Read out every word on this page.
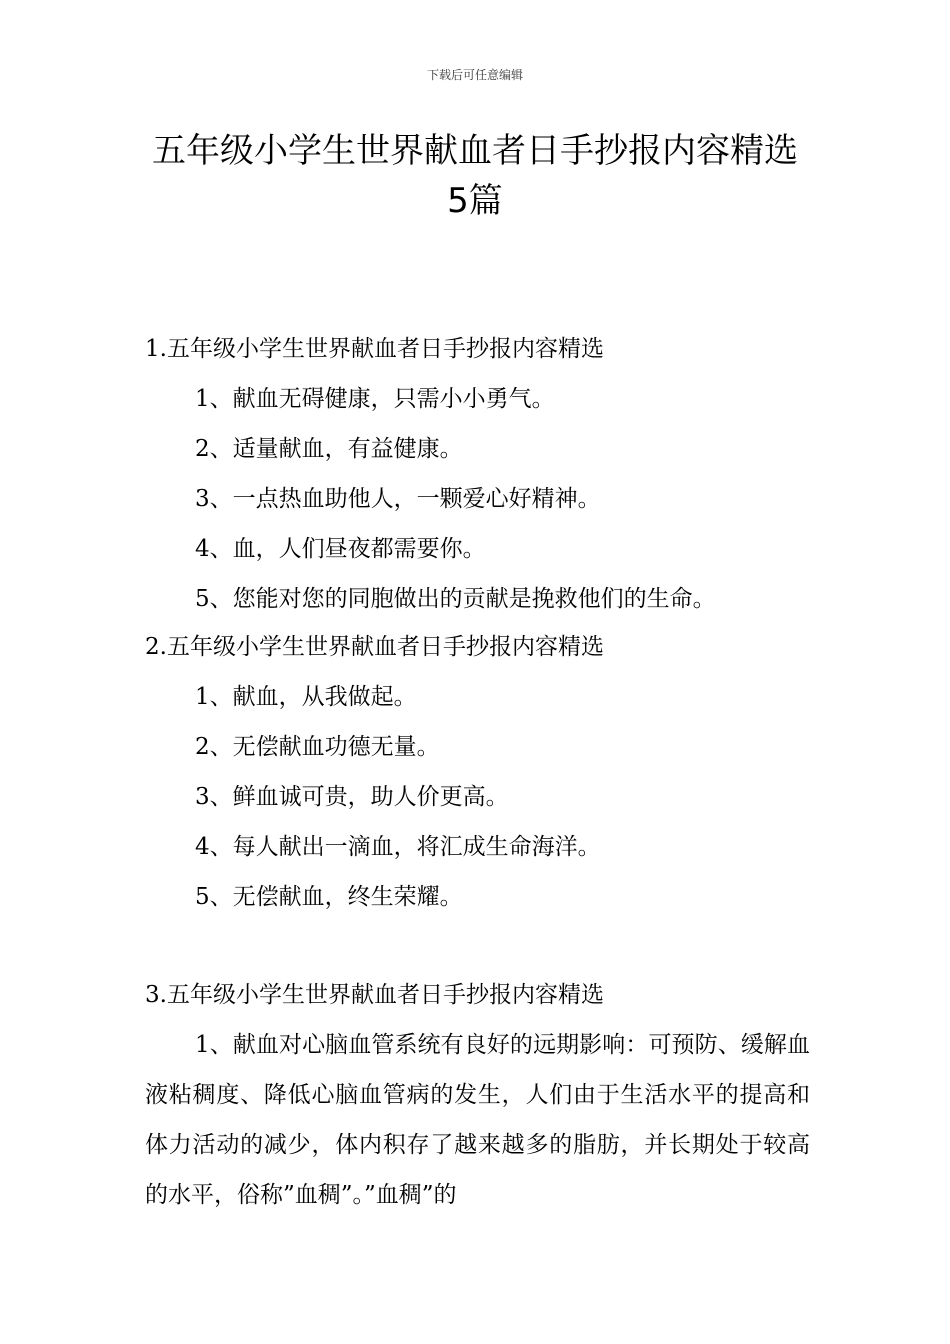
下载后可任意编辑
五年级小学生世界献血者日手抄报内容精选5篇
1.五年级小学生世界献血者日手抄报内容精选
1、献血无碍健康，只需小小勇气。
2、适量献血，有益健康。
3、一点热血助他人，一颗爱心好精神。
4、血，人们昼夜都需要你。
5、您能对您的同胞做出的贡献是挽救他们的生命。
2.五年级小学生世界献血者日手抄报内容精选
1、献血，从我做起。
2、无偿献血功德无量。
3、鲜血诚可贵，助人价更高。
4、每人献出一滴血，将汇成生命海洋。
5、无偿献血，终生荣耀。
3.五年级小学生世界献血者日手抄报内容精选
1、献血对心脑血管系统有良好的远期影响：可预防、缓解血液粘稠度、降低心脑血管病的发生，人们由于生活水平的提高和体力活动的减少，体内积存了越来越多的脂肪，并长期处于较高的水平，俗称”血稠”。”血稠”的
